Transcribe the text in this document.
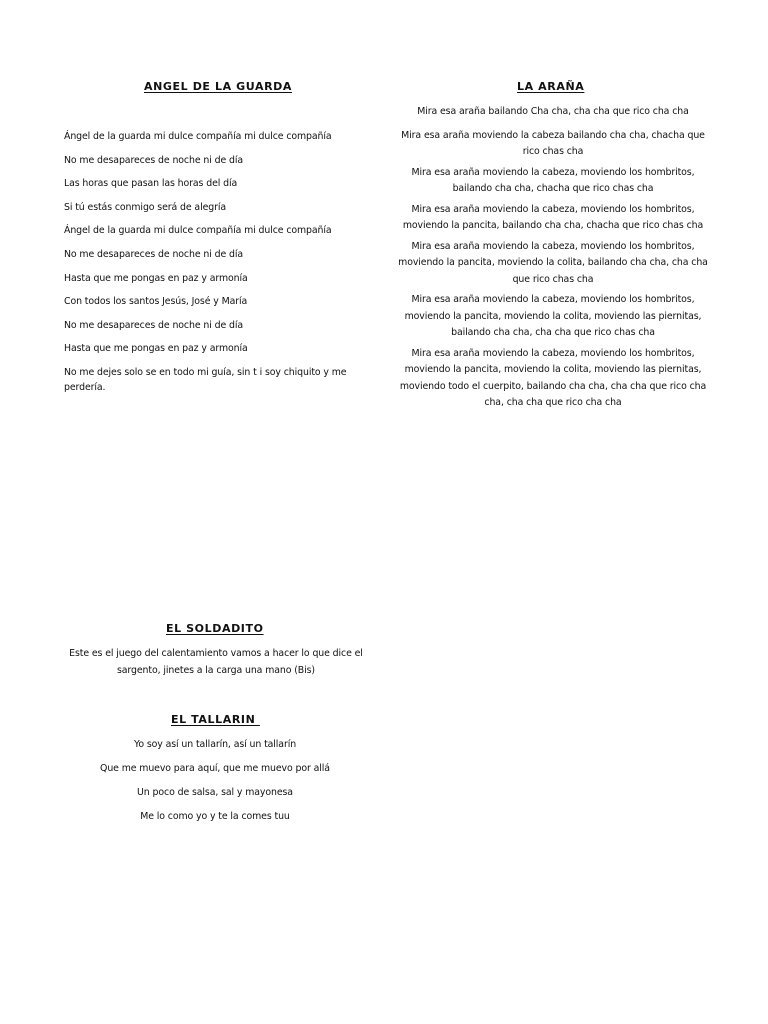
ANGEL DE LA GUARDA
Ángel de la guarda mi dulce compañía mi dulce compañía
No me desapareces de noche ni de día
Las horas que pasan las horas del día
Si tú estás conmigo será de alegría
Ángel de la guarda mi dulce compañía mi dulce compañía
No me desapareces de noche ni de día
Hasta que me pongas en paz y armonía
Con todos los santos Jesús, José y María
No me desapareces de noche ni de día
Hasta que me pongas en paz y armonía
No me dejes solo se en todo mi guía, sin t i soy chiquito y me perdería.
LA ARAÑA
Mira esa araña bailando Cha cha, cha cha que rico cha cha
Mira esa araña moviendo la cabeza bailando cha cha, chacha que rico chas cha
Mira esa araña moviendo la cabeza, moviendo los hombritos, bailando cha cha, chacha que rico chas cha
Mira esa araña moviendo la cabeza, moviendo los hombritos, moviendo la pancita, bailando cha cha, chacha que rico chas cha
Mira esa araña moviendo la cabeza, moviendo los hombritos, moviendo la pancita, moviendo la colita, bailando cha cha, cha cha que rico chas cha
Mira esa araña moviendo la cabeza, moviendo los hombritos, moviendo la pancita, moviendo la colita, moviendo las piernitas, bailando cha cha, cha cha que rico chas cha
Mira esa araña moviendo la cabeza, moviendo los hombritos, moviendo la pancita, moviendo la colita, moviendo las piernitas, moviendo todo el cuerpito, bailando cha cha, cha cha que rico cha cha, cha cha que rico cha cha
EL SOLDADITO
Este es el juego del calentamiento vamos a hacer lo que dice el sargento, jinetes a la carga una mano (Bis)
EL TALLARIN
Yo soy así un tallarín, así un tallarín
Que me muevo para aquí, que me muevo por allá
Un poco de salsa, sal y mayonesa
Me lo como yo y te la comes tuu
